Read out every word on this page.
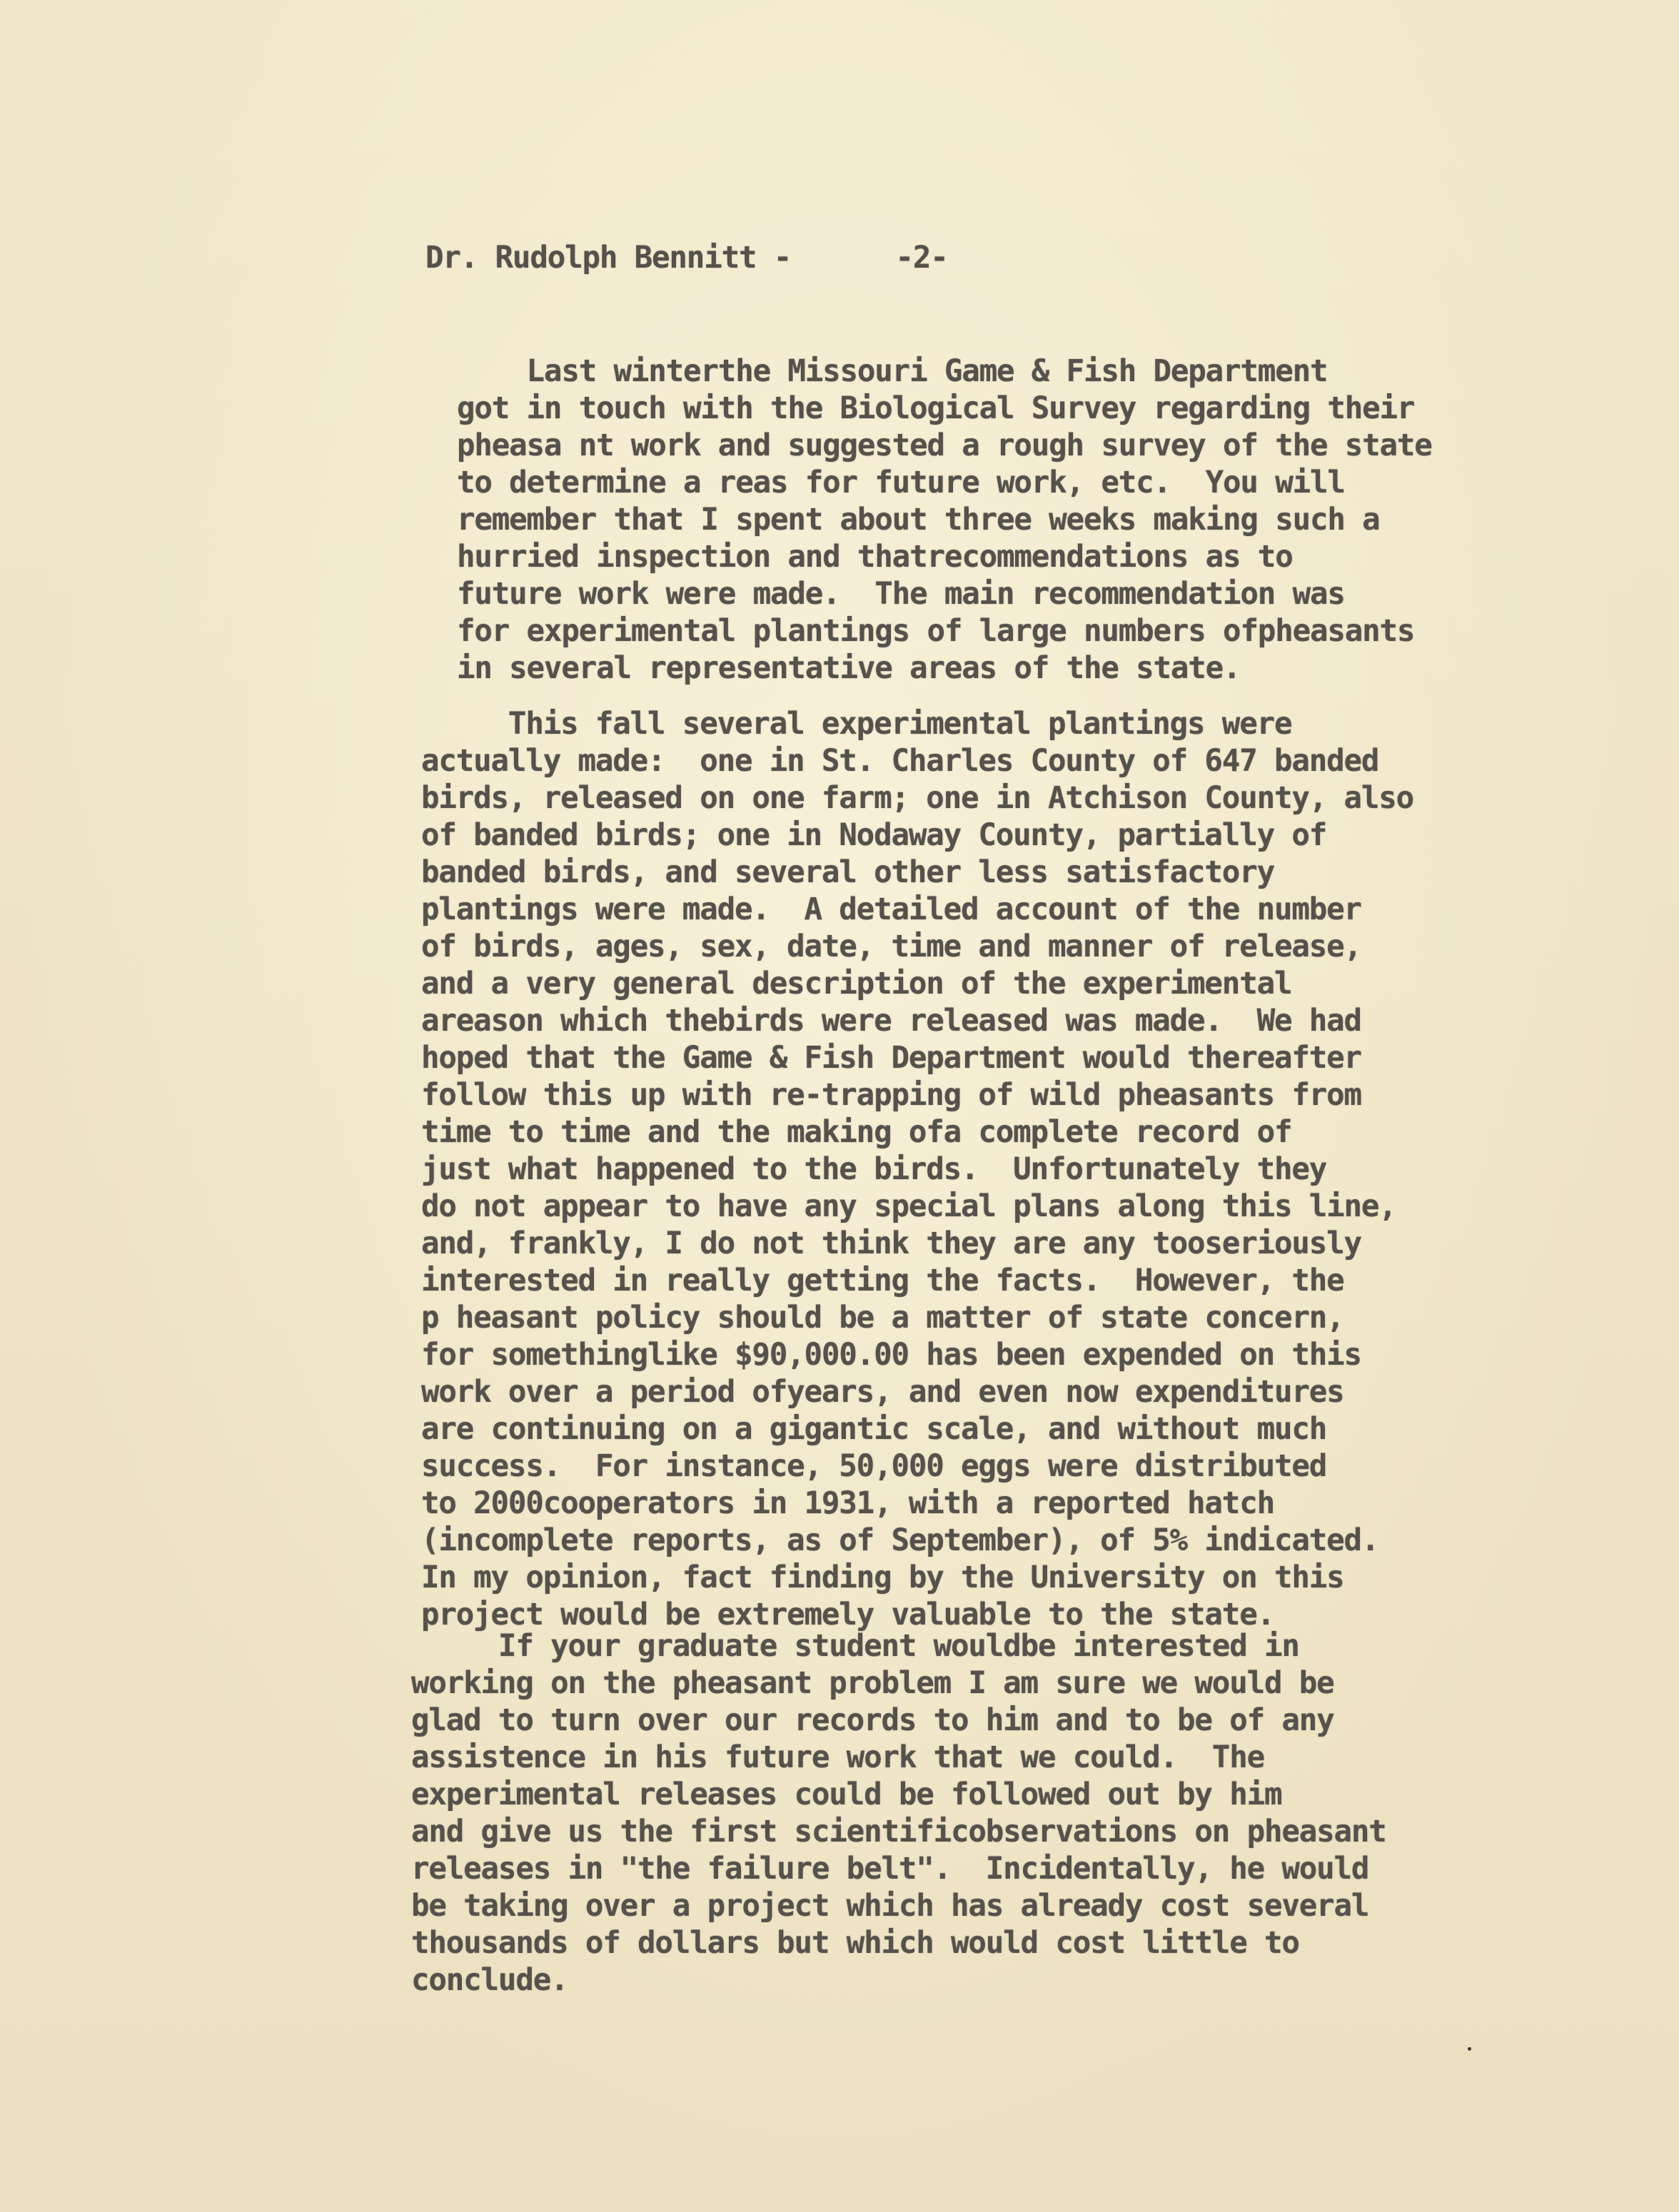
Dr. Rudolph Bennitt -	-2-
Last winterthe Missouri Game & Fish Department
got in touch with the Biological Survey regarding their
pheasa nt work and suggested a rough survey of the state
to determine a reas for future work, etc.  You will
remember that I spent about three weeks making such a
hurried inspection and thatrecommendations as to
future work were made.  The main recommendation was
for experimental plantings of large numbers ofpheasants
in several representative areas of the state.
This fall several experimental plantings were
actually made:  one in St. Charles County of 647 banded
birds, released on one farm; one in Atchison County, also
of banded birds; one in Nodaway County, partially of
banded birds, and several other less satisfactory
plantings were made.  A detailed account of the number
of birds, ages, sex, date, time and manner of release,
and a very general description of the experimental
areason which thebirds were released was made.  We had
hoped that the Game & Fish Department would thereafter
follow this up with re-trapping of wild pheasants from
time to time and the making ofa complete record of
just what happened to the birds.  Unfortunately they
do not appear to have any special plans along this line,
and, frankly, I do not think they are any tooseriously
interested in really getting the facts.  However, the
p heasant policy should be a matter of state concern,
for somethinglike $90,000.00 has been expended on this
work over a period ofyears, and even now expenditures
are continuing on a gigantic scale, and without much
success.  For instance, 50,000 eggs were distributed
to 2000cooperators in 1931, with a reported hatch
(incomplete reports, as of September), of 5% indicated.
In my opinion, fact finding by the University on this
project would be extremely valuable to the state.
If your graduate student wouldbe interested in
working on the pheasant problem I am sure we would be
glad to turn over our records to him and to be of any
assistence in his future work that we could.  The
experimental releases could be followed out by him
and give us the first scientificobservations on pheasant
releases in "the failure belt".  Incidentally, he would
be taking over a project which has already cost several
thousands of dollars but which would cost little to
conclude.
